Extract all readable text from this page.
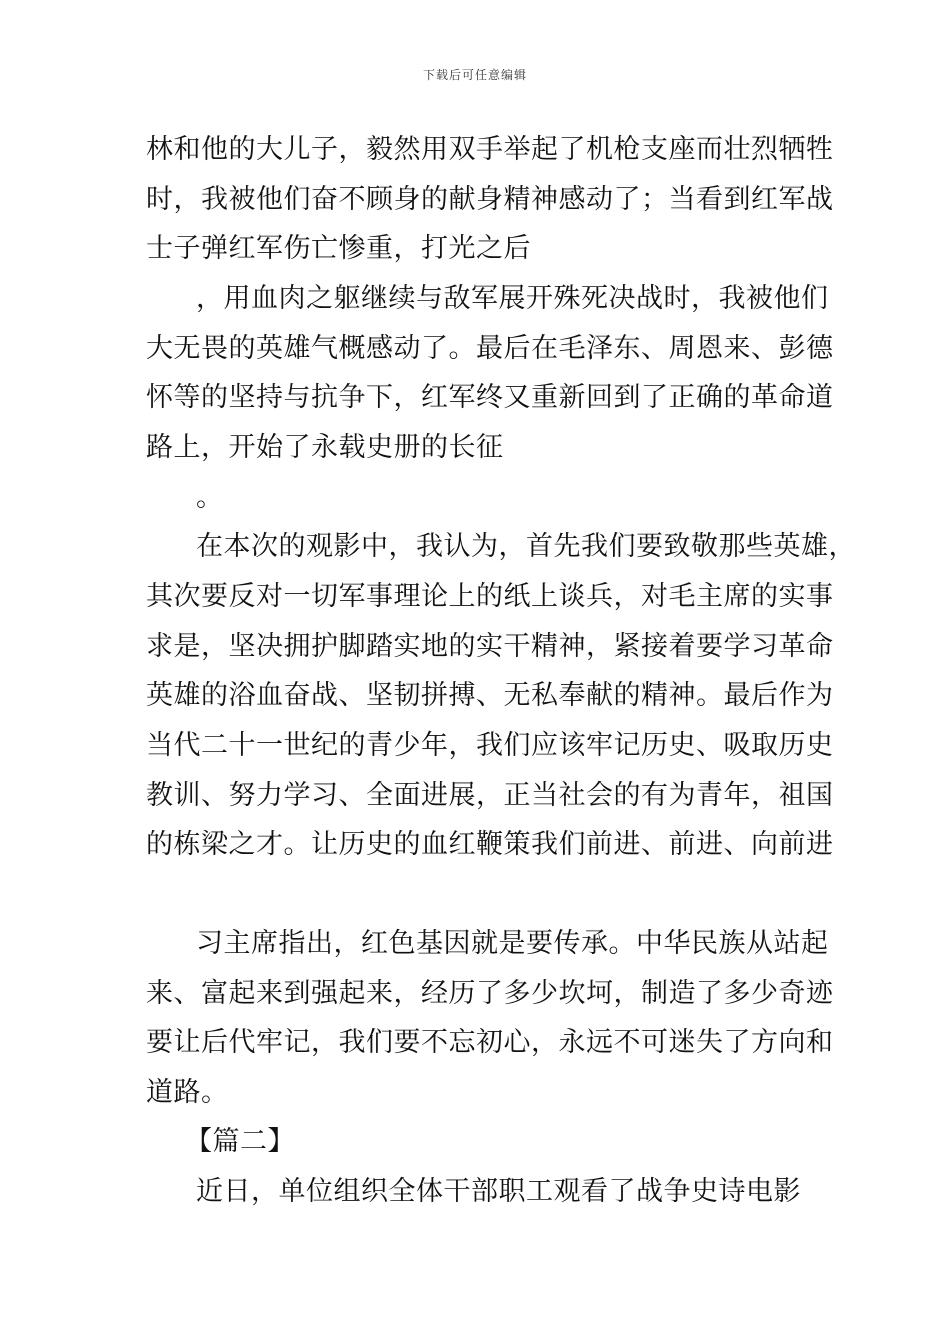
下载后可任意编辑
林和他的大儿子，毅然用双手举起了机枪支座而壮烈牺牲
时，我被他们奋不顾身的献身精神感动了；当看到红军战
士子弹红军伤亡惨重，打光之后
，用血肉之躯继续与敌军展开殊死决战时，我被他们
大无畏的英雄气概感动了。最后在毛泽东、周恩来、彭德
怀等的坚持与抗争下，红军终又重新回到了正确的革命道
路上，开始了永载史册的长征
。
在本次的观影中，我认为，首先我们要致敬那些英雄，
其次要反对一切军事理论上的纸上谈兵，对毛主席的实事
求是，坚决拥护脚踏实地的实干精神，紧接着要学习革命
英雄的浴血奋战、坚韧拼搏、无私奉献的精神。最后作为
当代二十一世纪的青少年，我们应该牢记历史、吸取历史
教训、努力学习、全面进展，正当社会的有为青年，祖国
的栋梁之才。让历史的血红鞭策我们前进、前进、向前进
习主席指出，红色基因就是要传承。中华民族从站起
来、富起来到强起来，经历了多少坎坷，制造了多少奇迹
要让后代牢记，我们要不忘初心，永远不可迷失了方向和
道路。
【篇二】
近日，单位组织全体干部职工观看了战争史诗电影
